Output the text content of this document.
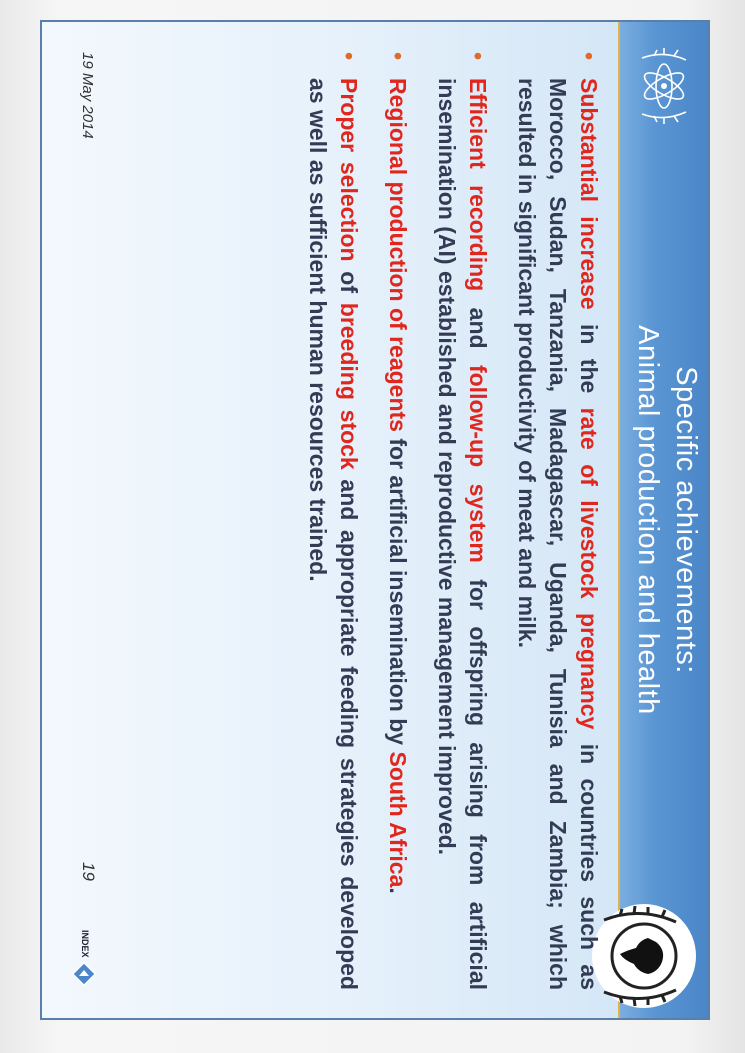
Specific achievements:
Animal production and health
• Substantial increase in the rate of livestock pregnancy in countries such as Morocco, Sudan, Tanzania, Madagascar, Uganda, Tunisia and Zambia; which resulted in significant productivity of meat and milk.
• Efficient recording and follow-up system for offspring arising from artificial insemination (AI) established and reproductive management improved.
• Regional production of reagents for artificial insemination by South Africa.
• Proper selection of breeding stock and appropriate feeding strategies developed as well as sufficient human resources trained.
19 May 2014
19
INDEX
